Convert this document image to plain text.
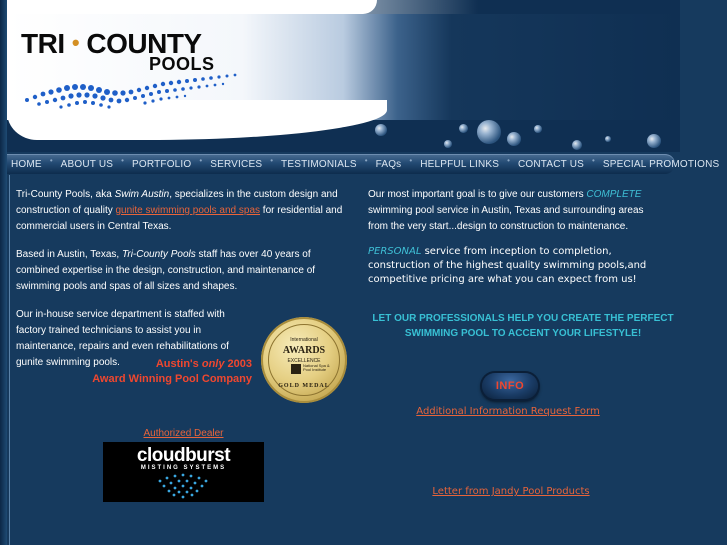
TRI • COUNTY
POOLS
HOME • ABOUT US • PORTFOLIO • SERVICES • TESTIMONIALS • FAQs • HELPFUL LINKS • CONTACT US • SPECIAL PROMOTIONS

Tri-County Pools, aka Swim Austin, specializes in the custom design and construction of quality gunite swimming pools and spas for residential and commercial users in Central Texas.

Based in Austin, Texas, Tri-County Pools staff has over 40 years of combined expertise in the design, construction, and maintenance of swimming pools and spas of all sizes and shapes.

Our in-house service department is staffed with factory trained technicians to assist you in maintenance, repairs and even rehabilitations of gunite swimming pools.	Austin's only 2003
Award Winning Pool Company
International
AWARDS
EXCELLENCE
National Spa & Pool Institute
GOLD MEDAL
Authorized Dealer
cloudburst
MISTING SYSTEMS

Our most important goal is to give our customers COMPLETE swimming pool service in Austin, Texas and surrounding areas from the very start...design to construction to maintenance.

PERSONAL service from inception to completion, construction of the highest quality swimming pools,and competitive pricing are what you can expect from us!

LET OUR PROFESSIONALS HELP YOU CREATE THE PERFECT SWIMMING POOL TO ACCENT YOUR LIFESTYLE!
INFO
Additional Information Request Form
Letter from Jandy Pool Products
